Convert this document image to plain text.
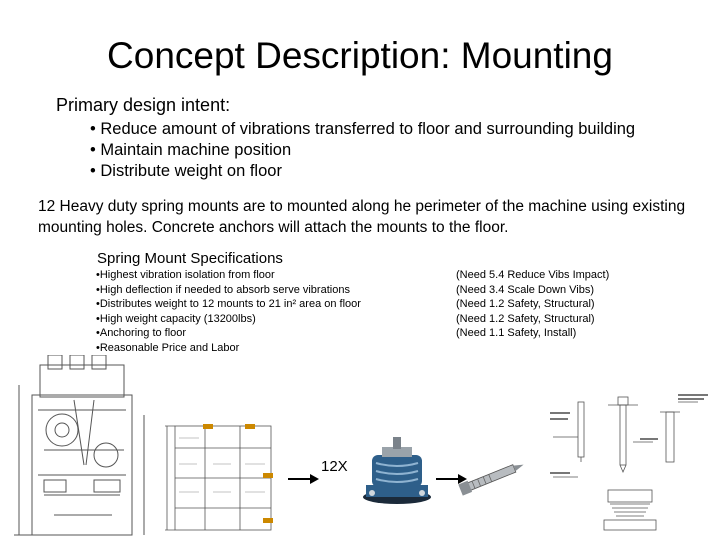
Concept Description: Mounting
Primary design intent:
• Reduce amount of vibrations transferred to floor and surrounding building
• Maintain machine position
• Distribute weight on floor
12 Heavy duty spring mounts are to mounted along he perimeter of the machine using existing mounting holes. Concrete anchors will attach the mounts to the floor.
Spring Mount Specifications
•Highest vibration isolation from floor
•High deflection if needed to absorb serve vibrations
•Distributes weight to 12 mounts to 21 in² area on floor
•High weight capacity (13200lbs)
•Anchoring to floor
•Reasonable Price and Labor
(Need 5.4 Reduce Vibs Impact)
(Need 3.4 Scale Down Vibs)
(Need 1.2 Safety, Structural)
(Need 1.2 Safety, Structural)
(Need 1.1 Safety, Install)
12X
